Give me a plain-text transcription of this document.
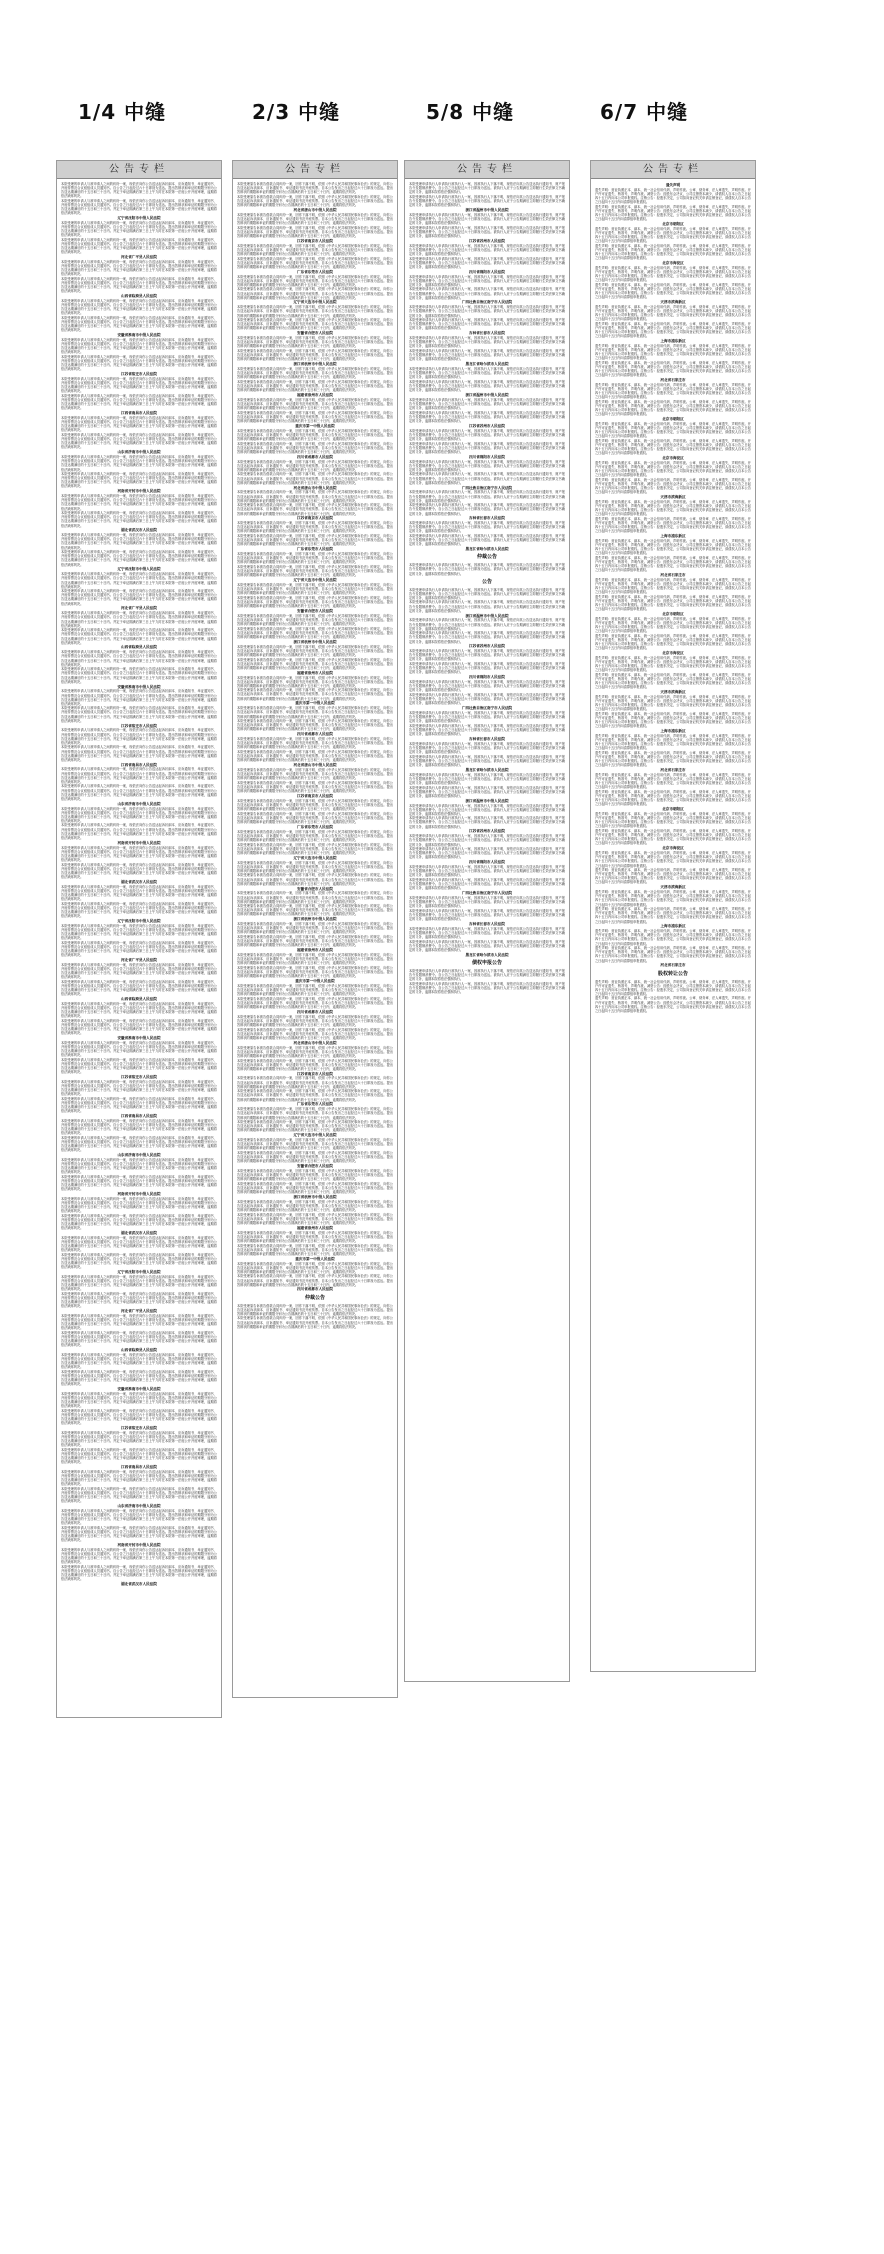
1/4 中缝	2/3 中缝	5/8 中缝	6/7 中缝
公告专栏

本院受理的申请人与被申请人之间的纠纷一案，现依法向你公告送达起诉状副本、应诉通知书、举证通知书、开庭传票及合议庭组成人员通知书。自公告之日起经过六十日即视为送达。提出答辩状和举证的期限分别为公告送达期满后的十五日和三十日内。并定于举证期满后第三日上午九时在本院第一法庭公开开庭审理，逾期将依法缺席判决。

本院受理的申请人与被申请人之间的纠纷一案，现依法向你公告送达起诉状副本、应诉通知书、举证通知书、开庭传票及合议庭组成人员通知书。自公告之日起经过六十日即视为送达。提出答辩状和举证的期限分别为公告送达期满后的十五日和三十日内。并定于举证期满后第三日上午九时在本院第一法庭公开开庭审理，逾期将依法缺席判决。

辽宁省沈阳市中级人民法院

本院受理的申请人与被申请人之间的纠纷一案，现依法向你公告送达起诉状副本、应诉通知书、举证通知书、开庭传票及合议庭组成人员通知书。自公告之日起经过六十日即视为送达。提出答辩状和举证的期限分别为公告送达期满后的十五日和三十日内。并定于举证期满后第三日上午九时在本院第一法庭公开开庭审理，逾期将依法缺席判决。

本院受理的申请人与被申请人之间的纠纷一案，现依法向你公告送达起诉状副本、应诉通知书、举证通知书、开庭传票及合议庭组成人员通知书。自公告之日起经过六十日即视为送达。提出答辩状和举证的期限分别为公告送达期满后的十五日和三十日内。并定于举证期满后第三日上午九时在本院第一法庭公开开庭审理，逾期将依法缺席判决。

河北省广平县人民法院

本院受理的申请人与被申请人之间的纠纷一案，现依法向你公告送达起诉状副本、应诉通知书、举证通知书、开庭传票及合议庭组成人员通知书。自公告之日起经过六十日即视为送达。提出答辩状和举证的期限分别为公告送达期满后的十五日和三十日内。并定于举证期满后第三日上午九时在本院第一法庭公开开庭审理，逾期将依法缺席判决。

本院受理的申请人与被申请人之间的纠纷一案，现依法向你公告送达起诉状副本、应诉通知书、举证通知书、开庭传票及合议庭组成人员通知书。自公告之日起经过六十日即视为送达。提出答辩状和举证的期限分别为公告送达期满后的十五日和三十日内。并定于举证期满后第三日上午九时在本院第一法庭公开开庭审理，逾期将依法缺席判决。

山西省临猗县人民法院

本院受理的申请人与被申请人之间的纠纷一案，现依法向你公告送达起诉状副本、应诉通知书、举证通知书、开庭传票及合议庭组成人员通知书。自公告之日起经过六十日即视为送达。提出答辩状和举证的期限分别为公告送达期满后的十五日和三十日内。并定于举证期满后第三日上午九时在本院第一法庭公开开庭审理，逾期将依法缺席判决。

本院受理的申请人与被申请人之间的纠纷一案，现依法向你公告送达起诉状副本、应诉通知书、举证通知书、开庭传票及合议庭组成人员通知书。自公告之日起经过六十日即视为送达。提出答辩状和举证的期限分别为公告送达期满后的十五日和三十日内。并定于举证期满后第三日上午九时在本院第一法庭公开开庭审理，逾期将依法缺席判决。

安徽省淮南市中级人民法院

本院受理的申请人与被申请人之间的纠纷一案，现依法向你公告送达起诉状副本、应诉通知书、举证通知书、开庭传票及合议庭组成人员通知书。自公告之日起经过六十日即视为送达。提出答辩状和举证的期限分别为公告送达期满后的十五日和三十日内。并定于举证期满后第三日上午九时在本院第一法庭公开开庭审理，逾期将依法缺席判决。

本院受理的申请人与被申请人之间的纠纷一案，现依法向你公告送达起诉状副本、应诉通知书、举证通知书、开庭传票及合议庭组成人员通知书。自公告之日起经过六十日即视为送达。提出答辩状和举证的期限分别为公告送达期满后的十五日和三十日内。并定于举证期满后第三日上午九时在本院第一法庭公开开庭审理，逾期将依法缺席判决。

江苏省宿迁市人民法院

本院受理的申请人与被申请人之间的纠纷一案，现依法向你公告送达起诉状副本、应诉通知书、举证通知书、开庭传票及合议庭组成人员通知书。自公告之日起经过六十日即视为送达。提出答辩状和举证的期限分别为公告送达期满后的十五日和三十日内。并定于举证期满后第三日上午九时在本院第一法庭公开开庭审理，逾期将依法缺席判决。

本院受理的申请人与被申请人之间的纠纷一案，现依法向你公告送达起诉状副本、应诉通知书、举证通知书、开庭传票及合议庭组成人员通知书。自公告之日起经过六十日即视为送达。提出答辩状和举证的期限分别为公告送达期满后的十五日和三十日内。并定于举证期满后第三日上午九时在本院第一法庭公开开庭审理，逾期将依法缺席判决。

江西省南昌市人民法院

本院受理的申请人与被申请人之间的纠纷一案，现依法向你公告送达起诉状副本、应诉通知书、举证通知书、开庭传票及合议庭组成人员通知书。自公告之日起经过六十日即视为送达。提出答辩状和举证的期限分别为公告送达期满后的十五日和三十日内。并定于举证期满后第三日上午九时在本院第一法庭公开开庭审理，逾期将依法缺席判决。

本院受理的申请人与被申请人之间的纠纷一案，现依法向你公告送达起诉状副本、应诉通知书、举证通知书、开庭传票及合议庭组成人员通知书。自公告之日起经过六十日即视为送达。提出答辩状和举证的期限分别为公告送达期满后的十五日和三十日内。并定于举证期满后第三日上午九时在本院第一法庭公开开庭审理，逾期将依法缺席判决。

山东省济南市中级人民法院

本院受理的申请人与被申请人之间的纠纷一案，现依法向你公告送达起诉状副本、应诉通知书、举证通知书、开庭传票及合议庭组成人员通知书。自公告之日起经过六十日即视为送达。提出答辩状和举证的期限分别为公告送达期满后的十五日和三十日内。并定于举证期满后第三日上午九时在本院第一法庭公开开庭审理，逾期将依法缺席判决。

本院受理的申请人与被申请人之间的纠纷一案，现依法向你公告送达起诉状副本、应诉通知书、举证通知书、开庭传票及合议庭组成人员通知书。自公告之日起经过六十日即视为送达。提出答辩状和举证的期限分别为公告送达期满后的十五日和三十日内。并定于举证期满后第三日上午九时在本院第一法庭公开开庭审理，逾期将依法缺席判决。

河南省开封市中级人民法院

本院受理的申请人与被申请人之间的纠纷一案，现依法向你公告送达起诉状副本、应诉通知书、举证通知书、开庭传票及合议庭组成人员通知书。自公告之日起经过六十日即视为送达。提出答辩状和举证的期限分别为公告送达期满后的十五日和三十日内。并定于举证期满后第三日上午九时在本院第一法庭公开开庭审理，逾期将依法缺席判决。

本院受理的申请人与被申请人之间的纠纷一案，现依法向你公告送达起诉状副本、应诉通知书、举证通知书、开庭传票及合议庭组成人员通知书。自公告之日起经过六十日即视为送达。提出答辩状和举证的期限分别为公告送达期满后的十五日和三十日内。并定于举证期满后第三日上午九时在本院第一法庭公开开庭审理，逾期将依法缺席判决。

湖北省武汉市人民法院

本院受理的申请人与被申请人之间的纠纷一案，现依法向你公告送达起诉状副本、应诉通知书、举证通知书、开庭传票及合议庭组成人员通知书。自公告之日起经过六十日即视为送达。提出答辩状和举证的期限分别为公告送达期满后的十五日和三十日内。并定于举证期满后第三日上午九时在本院第一法庭公开开庭审理，逾期将依法缺席判决。

本院受理的申请人与被申请人之间的纠纷一案，现依法向你公告送达起诉状副本、应诉通知书、举证通知书、开庭传票及合议庭组成人员通知书。自公告之日起经过六十日即视为送达。提出答辩状和举证的期限分别为公告送达期满后的十五日和三十日内。并定于举证期满后第三日上午九时在本院第一法庭公开开庭审理，逾期将依法缺席判决。

辽宁省沈阳市中级人民法院

本院受理的申请人与被申请人之间的纠纷一案，现依法向你公告送达起诉状副本、应诉通知书、举证通知书、开庭传票及合议庭组成人员通知书。自公告之日起经过六十日即视为送达。提出答辩状和举证的期限分别为公告送达期满后的十五日和三十日内。并定于举证期满后第三日上午九时在本院第一法庭公开开庭审理，逾期将依法缺席判决。

本院受理的申请人与被申请人之间的纠纷一案，现依法向你公告送达起诉状副本、应诉通知书、举证通知书、开庭传票及合议庭组成人员通知书。自公告之日起经过六十日即视为送达。提出答辩状和举证的期限分别为公告送达期满后的十五日和三十日内。并定于举证期满后第三日上午九时在本院第一法庭公开开庭审理，逾期将依法缺席判决。

河北省广平县人民法院

本院受理的申请人与被申请人之间的纠纷一案，现依法向你公告送达起诉状副本、应诉通知书、举证通知书、开庭传票及合议庭组成人员通知书。自公告之日起经过六十日即视为送达。提出答辩状和举证的期限分别为公告送达期满后的十五日和三十日内。并定于举证期满后第三日上午九时在本院第一法庭公开开庭审理，逾期将依法缺席判决。

本院受理的申请人与被申请人之间的纠纷一案，现依法向你公告送达起诉状副本、应诉通知书、举证通知书、开庭传票及合议庭组成人员通知书。自公告之日起经过六十日即视为送达。提出答辩状和举证的期限分别为公告送达期满后的十五日和三十日内。并定于举证期满后第三日上午九时在本院第一法庭公开开庭审理，逾期将依法缺席判决。

山西省临猗县人民法院

本院受理的申请人与被申请人之间的纠纷一案，现依法向你公告送达起诉状副本、应诉通知书、举证通知书、开庭传票及合议庭组成人员通知书。自公告之日起经过六十日即视为送达。提出答辩状和举证的期限分别为公告送达期满后的十五日和三十日内。并定于举证期满后第三日上午九时在本院第一法庭公开开庭审理，逾期将依法缺席判决。

本院受理的申请人与被申请人之间的纠纷一案，现依法向你公告送达起诉状副本、应诉通知书、举证通知书、开庭传票及合议庭组成人员通知书。自公告之日起经过六十日即视为送达。提出答辩状和举证的期限分别为公告送达期满后的十五日和三十日内。并定于举证期满后第三日上午九时在本院第一法庭公开开庭审理，逾期将依法缺席判决。

安徽省淮南市中级人民法院

本院受理的申请人与被申请人之间的纠纷一案，现依法向你公告送达起诉状副本、应诉通知书、举证通知书、开庭传票及合议庭组成人员通知书。自公告之日起经过六十日即视为送达。提出答辩状和举证的期限分别为公告送达期满后的十五日和三十日内。并定于举证期满后第三日上午九时在本院第一法庭公开开庭审理，逾期将依法缺席判决。

本院受理的申请人与被申请人之间的纠纷一案，现依法向你公告送达起诉状副本、应诉通知书、举证通知书、开庭传票及合议庭组成人员通知书。自公告之日起经过六十日即视为送达。提出答辩状和举证的期限分别为公告送达期满后的十五日和三十日内。并定于举证期满后第三日上午九时在本院第一法庭公开开庭审理，逾期将依法缺席判决。

江苏省宿迁市人民法院

本院受理的申请人与被申请人之间的纠纷一案，现依法向你公告送达起诉状副本、应诉通知书、举证通知书、开庭传票及合议庭组成人员通知书。自公告之日起经过六十日即视为送达。提出答辩状和举证的期限分别为公告送达期满后的十五日和三十日内。并定于举证期满后第三日上午九时在本院第一法庭公开开庭审理，逾期将依法缺席判决。

本院受理的申请人与被申请人之间的纠纷一案，现依法向你公告送达起诉状副本、应诉通知书、举证通知书、开庭传票及合议庭组成人员通知书。自公告之日起经过六十日即视为送达。提出答辩状和举证的期限分别为公告送达期满后的十五日和三十日内。并定于举证期满后第三日上午九时在本院第一法庭公开开庭审理，逾期将依法缺席判决。

江西省南昌市人民法院

本院受理的申请人与被申请人之间的纠纷一案，现依法向你公告送达起诉状副本、应诉通知书、举证通知书、开庭传票及合议庭组成人员通知书。自公告之日起经过六十日即视为送达。提出答辩状和举证的期限分别为公告送达期满后的十五日和三十日内。并定于举证期满后第三日上午九时在本院第一法庭公开开庭审理，逾期将依法缺席判决。

本院受理的申请人与被申请人之间的纠纷一案，现依法向你公告送达起诉状副本、应诉通知书、举证通知书、开庭传票及合议庭组成人员通知书。自公告之日起经过六十日即视为送达。提出答辩状和举证的期限分别为公告送达期满后的十五日和三十日内。并定于举证期满后第三日上午九时在本院第一法庭公开开庭审理，逾期将依法缺席判决。

山东省济南市中级人民法院

本院受理的申请人与被申请人之间的纠纷一案，现依法向你公告送达起诉状副本、应诉通知书、举证通知书、开庭传票及合议庭组成人员通知书。自公告之日起经过六十日即视为送达。提出答辩状和举证的期限分别为公告送达期满后的十五日和三十日内。并定于举证期满后第三日上午九时在本院第一法庭公开开庭审理，逾期将依法缺席判决。

本院受理的申请人与被申请人之间的纠纷一案，现依法向你公告送达起诉状副本、应诉通知书、举证通知书、开庭传票及合议庭组成人员通知书。自公告之日起经过六十日即视为送达。提出答辩状和举证的期限分别为公告送达期满后的十五日和三十日内。并定于举证期满后第三日上午九时在本院第一法庭公开开庭审理，逾期将依法缺席判决。

河南省开封市中级人民法院

本院受理的申请人与被申请人之间的纠纷一案，现依法向你公告送达起诉状副本、应诉通知书、举证通知书、开庭传票及合议庭组成人员通知书。自公告之日起经过六十日即视为送达。提出答辩状和举证的期限分别为公告送达期满后的十五日和三十日内。并定于举证期满后第三日上午九时在本院第一法庭公开开庭审理，逾期将依法缺席判决。

本院受理的申请人与被申请人之间的纠纷一案，现依法向你公告送达起诉状副本、应诉通知书、举证通知书、开庭传票及合议庭组成人员通知书。自公告之日起经过六十日即视为送达。提出答辩状和举证的期限分别为公告送达期满后的十五日和三十日内。并定于举证期满后第三日上午九时在本院第一法庭公开开庭审理，逾期将依法缺席判决。

湖北省武汉市人民法院

本院受理的申请人与被申请人之间的纠纷一案，现依法向你公告送达起诉状副本、应诉通知书、举证通知书、开庭传票及合议庭组成人员通知书。自公告之日起经过六十日即视为送达。提出答辩状和举证的期限分别为公告送达期满后的十五日和三十日内。并定于举证期满后第三日上午九时在本院第一法庭公开开庭审理，逾期将依法缺席判决。

本院受理的申请人与被申请人之间的纠纷一案，现依法向你公告送达起诉状副本、应诉通知书、举证通知书、开庭传票及合议庭组成人员通知书。自公告之日起经过六十日即视为送达。提出答辩状和举证的期限分别为公告送达期满后的十五日和三十日内。并定于举证期满后第三日上午九时在本院第一法庭公开开庭审理，逾期将依法缺席判决。

辽宁省沈阳市中级人民法院

本院受理的申请人与被申请人之间的纠纷一案，现依法向你公告送达起诉状副本、应诉通知书、举证通知书、开庭传票及合议庭组成人员通知书。自公告之日起经过六十日即视为送达。提出答辩状和举证的期限分别为公告送达期满后的十五日和三十日内。并定于举证期满后第三日上午九时在本院第一法庭公开开庭审理，逾期将依法缺席判决。

本院受理的申请人与被申请人之间的纠纷一案，现依法向你公告送达起诉状副本、应诉通知书、举证通知书、开庭传票及合议庭组成人员通知书。自公告之日起经过六十日即视为送达。提出答辩状和举证的期限分别为公告送达期满后的十五日和三十日内。并定于举证期满后第三日上午九时在本院第一法庭公开开庭审理，逾期将依法缺席判决。

河北省广平县人民法院

本院受理的申请人与被申请人之间的纠纷一案，现依法向你公告送达起诉状副本、应诉通知书、举证通知书、开庭传票及合议庭组成人员通知书。自公告之日起经过六十日即视为送达。提出答辩状和举证的期限分别为公告送达期满后的十五日和三十日内。并定于举证期满后第三日上午九时在本院第一法庭公开开庭审理，逾期将依法缺席判决。

本院受理的申请人与被申请人之间的纠纷一案，现依法向你公告送达起诉状副本、应诉通知书、举证通知书、开庭传票及合议庭组成人员通知书。自公告之日起经过六十日即视为送达。提出答辩状和举证的期限分别为公告送达期满后的十五日和三十日内。并定于举证期满后第三日上午九时在本院第一法庭公开开庭审理，逾期将依法缺席判决。

山西省临猗县人民法院

本院受理的申请人与被申请人之间的纠纷一案，现依法向你公告送达起诉状副本、应诉通知书、举证通知书、开庭传票及合议庭组成人员通知书。自公告之日起经过六十日即视为送达。提出答辩状和举证的期限分别为公告送达期满后的十五日和三十日内。并定于举证期满后第三日上午九时在本院第一法庭公开开庭审理，逾期将依法缺席判决。

本院受理的申请人与被申请人之间的纠纷一案，现依法向你公告送达起诉状副本、应诉通知书、举证通知书、开庭传票及合议庭组成人员通知书。自公告之日起经过六十日即视为送达。提出答辩状和举证的期限分别为公告送达期满后的十五日和三十日内。并定于举证期满后第三日上午九时在本院第一法庭公开开庭审理，逾期将依法缺席判决。

安徽省淮南市中级人民法院

本院受理的申请人与被申请人之间的纠纷一案，现依法向你公告送达起诉状副本、应诉通知书、举证通知书、开庭传票及合议庭组成人员通知书。自公告之日起经过六十日即视为送达。提出答辩状和举证的期限分别为公告送达期满后的十五日和三十日内。并定于举证期满后第三日上午九时在本院第一法庭公开开庭审理，逾期将依法缺席判决。

本院受理的申请人与被申请人之间的纠纷一案，现依法向你公告送达起诉状副本、应诉通知书、举证通知书、开庭传票及合议庭组成人员通知书。自公告之日起经过六十日即视为送达。提出答辩状和举证的期限分别为公告送达期满后的十五日和三十日内。并定于举证期满后第三日上午九时在本院第一法庭公开开庭审理，逾期将依法缺席判决。

江苏省宿迁市人民法院

本院受理的申请人与被申请人之间的纠纷一案，现依法向你公告送达起诉状副本、应诉通知书、举证通知书、开庭传票及合议庭组成人员通知书。自公告之日起经过六十日即视为送达。提出答辩状和举证的期限分别为公告送达期满后的十五日和三十日内。并定于举证期满后第三日上午九时在本院第一法庭公开开庭审理，逾期将依法缺席判决。

本院受理的申请人与被申请人之间的纠纷一案，现依法向你公告送达起诉状副本、应诉通知书、举证通知书、开庭传票及合议庭组成人员通知书。自公告之日起经过六十日即视为送达。提出答辩状和举证的期限分别为公告送达期满后的十五日和三十日内。并定于举证期满后第三日上午九时在本院第一法庭公开开庭审理，逾期将依法缺席判决。

江西省南昌市人民法院

本院受理的申请人与被申请人之间的纠纷一案，现依法向你公告送达起诉状副本、应诉通知书、举证通知书、开庭传票及合议庭组成人员通知书。自公告之日起经过六十日即视为送达。提出答辩状和举证的期限分别为公告送达期满后的十五日和三十日内。并定于举证期满后第三日上午九时在本院第一法庭公开开庭审理，逾期将依法缺席判决。

本院受理的申请人与被申请人之间的纠纷一案，现依法向你公告送达起诉状副本、应诉通知书、举证通知书、开庭传票及合议庭组成人员通知书。自公告之日起经过六十日即视为送达。提出答辩状和举证的期限分别为公告送达期满后的十五日和三十日内。并定于举证期满后第三日上午九时在本院第一法庭公开开庭审理，逾期将依法缺席判决。

山东省济南市中级人民法院

本院受理的申请人与被申请人之间的纠纷一案，现依法向你公告送达起诉状副本、应诉通知书、举证通知书、开庭传票及合议庭组成人员通知书。自公告之日起经过六十日即视为送达。提出答辩状和举证的期限分别为公告送达期满后的十五日和三十日内。并定于举证期满后第三日上午九时在本院第一法庭公开开庭审理，逾期将依法缺席判决。

本院受理的申请人与被申请人之间的纠纷一案，现依法向你公告送达起诉状副本、应诉通知书、举证通知书、开庭传票及合议庭组成人员通知书。自公告之日起经过六十日即视为送达。提出答辩状和举证的期限分别为公告送达期满后的十五日和三十日内。并定于举证期满后第三日上午九时在本院第一法庭公开开庭审理，逾期将依法缺席判决。

河南省开封市中级人民法院

本院受理的申请人与被申请人之间的纠纷一案，现依法向你公告送达起诉状副本、应诉通知书、举证通知书、开庭传票及合议庭组成人员通知书。自公告之日起经过六十日即视为送达。提出答辩状和举证的期限分别为公告送达期满后的十五日和三十日内。并定于举证期满后第三日上午九时在本院第一法庭公开开庭审理，逾期将依法缺席判决。

本院受理的申请人与被申请人之间的纠纷一案，现依法向你公告送达起诉状副本、应诉通知书、举证通知书、开庭传票及合议庭组成人员通知书。自公告之日起经过六十日即视为送达。提出答辩状和举证的期限分别为公告送达期满后的十五日和三十日内。并定于举证期满后第三日上午九时在本院第一法庭公开开庭审理，逾期将依法缺席判决。

湖北省武汉市人民法院

本院受理的申请人与被申请人之间的纠纷一案，现依法向你公告送达起诉状副本、应诉通知书、举证通知书、开庭传票及合议庭组成人员通知书。自公告之日起经过六十日即视为送达。提出答辩状和举证的期限分别为公告送达期满后的十五日和三十日内。并定于举证期满后第三日上午九时在本院第一法庭公开开庭审理，逾期将依法缺席判决。

本院受理的申请人与被申请人之间的纠纷一案，现依法向你公告送达起诉状副本、应诉通知书、举证通知书、开庭传票及合议庭组成人员通知书。自公告之日起经过六十日即视为送达。提出答辩状和举证的期限分别为公告送达期满后的十五日和三十日内。并定于举证期满后第三日上午九时在本院第一法庭公开开庭审理，逾期将依法缺席判决。

辽宁省沈阳市中级人民法院

本院受理的申请人与被申请人之间的纠纷一案，现依法向你公告送达起诉状副本、应诉通知书、举证通知书、开庭传票及合议庭组成人员通知书。自公告之日起经过六十日即视为送达。提出答辩状和举证的期限分别为公告送达期满后的十五日和三十日内。并定于举证期满后第三日上午九时在本院第一法庭公开开庭审理，逾期将依法缺席判决。

本院受理的申请人与被申请人之间的纠纷一案，现依法向你公告送达起诉状副本、应诉通知书、举证通知书、开庭传票及合议庭组成人员通知书。自公告之日起经过六十日即视为送达。提出答辩状和举证的期限分别为公告送达期满后的十五日和三十日内。并定于举证期满后第三日上午九时在本院第一法庭公开开庭审理，逾期将依法缺席判决。

河北省广平县人民法院

本院受理的申请人与被申请人之间的纠纷一案，现依法向你公告送达起诉状副本、应诉通知书、举证通知书、开庭传票及合议庭组成人员通知书。自公告之日起经过六十日即视为送达。提出答辩状和举证的期限分别为公告送达期满后的十五日和三十日内。并定于举证期满后第三日上午九时在本院第一法庭公开开庭审理，逾期将依法缺席判决。

本院受理的申请人与被申请人之间的纠纷一案，现依法向你公告送达起诉状副本、应诉通知书、举证通知书、开庭传票及合议庭组成人员通知书。自公告之日起经过六十日即视为送达。提出答辩状和举证的期限分别为公告送达期满后的十五日和三十日内。并定于举证期满后第三日上午九时在本院第一法庭公开开庭审理，逾期将依法缺席判决。

山西省临猗县人民法院

本院受理的申请人与被申请人之间的纠纷一案，现依法向你公告送达起诉状副本、应诉通知书、举证通知书、开庭传票及合议庭组成人员通知书。自公告之日起经过六十日即视为送达。提出答辩状和举证的期限分别为公告送达期满后的十五日和三十日内。并定于举证期满后第三日上午九时在本院第一法庭公开开庭审理，逾期将依法缺席判决。

本院受理的申请人与被申请人之间的纠纷一案，现依法向你公告送达起诉状副本、应诉通知书、举证通知书、开庭传票及合议庭组成人员通知书。自公告之日起经过六十日即视为送达。提出答辩状和举证的期限分别为公告送达期满后的十五日和三十日内。并定于举证期满后第三日上午九时在本院第一法庭公开开庭审理，逾期将依法缺席判决。

安徽省淮南市中级人民法院

本院受理的申请人与被申请人之间的纠纷一案，现依法向你公告送达起诉状副本、应诉通知书、举证通知书、开庭传票及合议庭组成人员通知书。自公告之日起经过六十日即视为送达。提出答辩状和举证的期限分别为公告送达期满后的十五日和三十日内。并定于举证期满后第三日上午九时在本院第一法庭公开开庭审理，逾期将依法缺席判决。

本院受理的申请人与被申请人之间的纠纷一案，现依法向你公告送达起诉状副本、应诉通知书、举证通知书、开庭传票及合议庭组成人员通知书。自公告之日起经过六十日即视为送达。提出答辩状和举证的期限分别为公告送达期满后的十五日和三十日内。并定于举证期满后第三日上午九时在本院第一法庭公开开庭审理，逾期将依法缺席判决。

江苏省宿迁市人民法院

本院受理的申请人与被申请人之间的纠纷一案，现依法向你公告送达起诉状副本、应诉通知书、举证通知书、开庭传票及合议庭组成人员通知书。自公告之日起经过六十日即视为送达。提出答辩状和举证的期限分别为公告送达期满后的十五日和三十日内。并定于举证期满后第三日上午九时在本院第一法庭公开开庭审理，逾期将依法缺席判决。

本院受理的申请人与被申请人之间的纠纷一案，现依法向你公告送达起诉状副本、应诉通知书、举证通知书、开庭传票及合议庭组成人员通知书。自公告之日起经过六十日即视为送达。提出答辩状和举证的期限分别为公告送达期满后的十五日和三十日内。并定于举证期满后第三日上午九时在本院第一法庭公开开庭审理，逾期将依法缺席判决。

江西省南昌市人民法院

本院受理的申请人与被申请人之间的纠纷一案，现依法向你公告送达起诉状副本、应诉通知书、举证通知书、开庭传票及合议庭组成人员通知书。自公告之日起经过六十日即视为送达。提出答辩状和举证的期限分别为公告送达期满后的十五日和三十日内。并定于举证期满后第三日上午九时在本院第一法庭公开开庭审理，逾期将依法缺席判决。

本院受理的申请人与被申请人之间的纠纷一案，现依法向你公告送达起诉状副本、应诉通知书、举证通知书、开庭传票及合议庭组成人员通知书。自公告之日起经过六十日即视为送达。提出答辩状和举证的期限分别为公告送达期满后的十五日和三十日内。并定于举证期满后第三日上午九时在本院第一法庭公开开庭审理，逾期将依法缺席判决。

山东省济南市中级人民法院

本院受理的申请人与被申请人之间的纠纷一案，现依法向你公告送达起诉状副本、应诉通知书、举证通知书、开庭传票及合议庭组成人员通知书。自公告之日起经过六十日即视为送达。提出答辩状和举证的期限分别为公告送达期满后的十五日和三十日内。并定于举证期满后第三日上午九时在本院第一法庭公开开庭审理，逾期将依法缺席判决。

本院受理的申请人与被申请人之间的纠纷一案，现依法向你公告送达起诉状副本、应诉通知书、举证通知书、开庭传票及合议庭组成人员通知书。自公告之日起经过六十日即视为送达。提出答辩状和举证的期限分别为公告送达期满后的十五日和三十日内。并定于举证期满后第三日上午九时在本院第一法庭公开开庭审理，逾期将依法缺席判决。

河南省开封市中级人民法院

本院受理的申请人与被申请人之间的纠纷一案，现依法向你公告送达起诉状副本、应诉通知书、举证通知书、开庭传票及合议庭组成人员通知书。自公告之日起经过六十日即视为送达。提出答辩状和举证的期限分别为公告送达期满后的十五日和三十日内。并定于举证期满后第三日上午九时在本院第一法庭公开开庭审理，逾期将依法缺席判决。

本院受理的申请人与被申请人之间的纠纷一案，现依法向你公告送达起诉状副本、应诉通知书、举证通知书、开庭传票及合议庭组成人员通知书。自公告之日起经过六十日即视为送达。提出答辩状和举证的期限分别为公告送达期满后的十五日和三十日内。并定于举证期满后第三日上午九时在本院第一法庭公开开庭审理，逾期将依法缺席判决。

湖北省武汉市人民法院
公告专栏

本院受理原告诉被告借款合同纠纷一案，因你下落不明，依照《中华人民共和国民事诉讼法》的规定，向你公告送达起诉状副本、应诉通知书、举证通知书及开庭传票。自本公告发出之日起经过六十日即视为送达。提出答辩状的期限和举证的期限分别为公告期满后的十五日和三十日内，逾期将依法判决。

本院受理原告诉被告借款合同纠纷一案，因你下落不明，依照《中华人民共和国民事诉讼法》的规定，向你公告送达起诉状副本、应诉通知书、举证通知书及开庭传票。自本公告发出之日起经过六十日即视为送达。提出答辩状的期限和举证的期限分别为公告期满后的十五日和三十日内，逾期将依法判决。

河北省唐山市中级人民法院

本院受理原告诉被告借款合同纠纷一案，因你下落不明，依照《中华人民共和国民事诉讼法》的规定，向你公告送达起诉状副本、应诉通知书、举证通知书及开庭传票。自本公告发出之日起经过六十日即视为送达。提出答辩状的期限和举证的期限分别为公告期满后的十五日和三十日内，逾期将依法判决。

本院受理原告诉被告借款合同纠纷一案，因你下落不明，依照《中华人民共和国民事诉讼法》的规定，向你公告送达起诉状副本、应诉通知书、举证通知书及开庭传票。自本公告发出之日起经过六十日即视为送达。提出答辩状的期限和举证的期限分别为公告期满后的十五日和三十日内，逾期将依法判决。

江苏省南京市人民法院

本院受理原告诉被告借款合同纠纷一案，因你下落不明，依照《中华人民共和国民事诉讼法》的规定，向你公告送达起诉状副本、应诉通知书、举证通知书及开庭传票。自本公告发出之日起经过六十日即视为送达。提出答辩状的期限和举证的期限分别为公告期满后的十五日和三十日内，逾期将依法判决。

本院受理原告诉被告借款合同纠纷一案，因你下落不明，依照《中华人民共和国民事诉讼法》的规定，向你公告送达起诉状副本、应诉通知书、举证通知书及开庭传票。自本公告发出之日起经过六十日即视为送达。提出答辩状的期限和举证的期限分别为公告期满后的十五日和三十日内，逾期将依法判决。

广东省东莞市人民法院

本院受理原告诉被告借款合同纠纷一案，因你下落不明，依照《中华人民共和国民事诉讼法》的规定，向你公告送达起诉状副本、应诉通知书、举证通知书及开庭传票。自本公告发出之日起经过六十日即视为送达。提出答辩状的期限和举证的期限分别为公告期满后的十五日和三十日内，逾期将依法判决。

本院受理原告诉被告借款合同纠纷一案，因你下落不明，依照《中华人民共和国民事诉讼法》的规定，向你公告送达起诉状副本、应诉通知书、举证通知书及开庭传票。自本公告发出之日起经过六十日即视为送达。提出答辩状的期限和举证的期限分别为公告期满后的十五日和三十日内，逾期将依法判决。

辽宁省大连市中级人民法院

本院受理原告诉被告借款合同纠纷一案，因你下落不明，依照《中华人民共和国民事诉讼法》的规定，向你公告送达起诉状副本、应诉通知书、举证通知书及开庭传票。自本公告发出之日起经过六十日即视为送达。提出答辩状的期限和举证的期限分别为公告期满后的十五日和三十日内，逾期将依法判决。

本院受理原告诉被告借款合同纠纷一案，因你下落不明，依照《中华人民共和国民事诉讼法》的规定，向你公告送达起诉状副本、应诉通知书、举证通知书及开庭传票。自本公告发出之日起经过六十日即视为送达。提出答辩状的期限和举证的期限分别为公告期满后的十五日和三十日内，逾期将依法判决。

安徽省合肥市人民法院

本院受理原告诉被告借款合同纠纷一案，因你下落不明，依照《中华人民共和国民事诉讼法》的规定，向你公告送达起诉状副本、应诉通知书、举证通知书及开庭传票。自本公告发出之日起经过六十日即视为送达。提出答辩状的期限和举证的期限分别为公告期满后的十五日和三十日内，逾期将依法判决。

本院受理原告诉被告借款合同纠纷一案，因你下落不明，依照《中华人民共和国民事诉讼法》的规定，向你公告送达起诉状副本、应诉通知书、举证通知书及开庭传票。自本公告发出之日起经过六十日即视为送达。提出答辩状的期限和举证的期限分别为公告期满后的十五日和三十日内，逾期将依法判决。

浙江省杭州市中级人民法院

本院受理原告诉被告借款合同纠纷一案，因你下落不明，依照《中华人民共和国民事诉讼法》的规定，向你公告送达起诉状副本、应诉通知书、举证通知书及开庭传票。自本公告发出之日起经过六十日即视为送达。提出答辩状的期限和举证的期限分别为公告期满后的十五日和三十日内，逾期将依法判决。

本院受理原告诉被告借款合同纠纷一案，因你下落不明，依照《中华人民共和国民事诉讼法》的规定，向你公告送达起诉状副本、应诉通知书、举证通知书及开庭传票。自本公告发出之日起经过六十日即视为送达。提出答辩状的期限和举证的期限分别为公告期满后的十五日和三十日内，逾期将依法判决。

福建省泉州市人民法院

本院受理原告诉被告借款合同纠纷一案，因你下落不明，依照《中华人民共和国民事诉讼法》的规定，向你公告送达起诉状副本、应诉通知书、举证通知书及开庭传票。自本公告发出之日起经过六十日即视为送达。提出答辩状的期限和举证的期限分别为公告期满后的十五日和三十日内，逾期将依法判决。

本院受理原告诉被告借款合同纠纷一案，因你下落不明，依照《中华人民共和国民事诉讼法》的规定，向你公告送达起诉状副本、应诉通知书、举证通知书及开庭传票。自本公告发出之日起经过六十日即视为送达。提出答辩状的期限和举证的期限分别为公告期满后的十五日和三十日内，逾期将依法判决。

重庆市第一中级人民法院

本院受理原告诉被告借款合同纠纷一案，因你下落不明，依照《中华人民共和国民事诉讼法》的规定，向你公告送达起诉状副本、应诉通知书、举证通知书及开庭传票。自本公告发出之日起经过六十日即视为送达。提出答辩状的期限和举证的期限分别为公告期满后的十五日和三十日内，逾期将依法判决。

本院受理原告诉被告借款合同纠纷一案，因你下落不明，依照《中华人民共和国民事诉讼法》的规定，向你公告送达起诉状副本、应诉通知书、举证通知书及开庭传票。自本公告发出之日起经过六十日即视为送达。提出答辩状的期限和举证的期限分别为公告期满后的十五日和三十日内，逾期将依法判决。

四川省成都市人民法院

本院受理原告诉被告借款合同纠纷一案，因你下落不明，依照《中华人民共和国民事诉讼法》的规定，向你公告送达起诉状副本、应诉通知书、举证通知书及开庭传票。自本公告发出之日起经过六十日即视为送达。提出答辩状的期限和举证的期限分别为公告期满后的十五日和三十日内，逾期将依法判决。

本院受理原告诉被告借款合同纠纷一案，因你下落不明，依照《中华人民共和国民事诉讼法》的规定，向你公告送达起诉状副本、应诉通知书、举证通知书及开庭传票。自本公告发出之日起经过六十日即视为送达。提出答辩状的期限和举证的期限分别为公告期满后的十五日和三十日内，逾期将依法判决。

河北省唐山市中级人民法院

本院受理原告诉被告借款合同纠纷一案，因你下落不明，依照《中华人民共和国民事诉讼法》的规定，向你公告送达起诉状副本、应诉通知书、举证通知书及开庭传票。自本公告发出之日起经过六十日即视为送达。提出答辩状的期限和举证的期限分别为公告期满后的十五日和三十日内，逾期将依法判决。

本院受理原告诉被告借款合同纠纷一案，因你下落不明，依照《中华人民共和国民事诉讼法》的规定，向你公告送达起诉状副本、应诉通知书、举证通知书及开庭传票。自本公告发出之日起经过六十日即视为送达。提出答辩状的期限和举证的期限分别为公告期满后的十五日和三十日内，逾期将依法判决。

江苏省南京市人民法院

本院受理原告诉被告借款合同纠纷一案，因你下落不明，依照《中华人民共和国民事诉讼法》的规定，向你公告送达起诉状副本、应诉通知书、举证通知书及开庭传票。自本公告发出之日起经过六十日即视为送达。提出答辩状的期限和举证的期限分别为公告期满后的十五日和三十日内，逾期将依法判决。

本院受理原告诉被告借款合同纠纷一案，因你下落不明，依照《中华人民共和国民事诉讼法》的规定，向你公告送达起诉状副本、应诉通知书、举证通知书及开庭传票。自本公告发出之日起经过六十日即视为送达。提出答辩状的期限和举证的期限分别为公告期满后的十五日和三十日内，逾期将依法判决。

广东省东莞市人民法院

本院受理原告诉被告借款合同纠纷一案，因你下落不明，依照《中华人民共和国民事诉讼法》的规定，向你公告送达起诉状副本、应诉通知书、举证通知书及开庭传票。自本公告发出之日起经过六十日即视为送达。提出答辩状的期限和举证的期限分别为公告期满后的十五日和三十日内，逾期将依法判决。

本院受理原告诉被告借款合同纠纷一案，因你下落不明，依照《中华人民共和国民事诉讼法》的规定，向你公告送达起诉状副本、应诉通知书、举证通知书及开庭传票。自本公告发出之日起经过六十日即视为送达。提出答辩状的期限和举证的期限分别为公告期满后的十五日和三十日内，逾期将依法判决。

辽宁省大连市中级人民法院

本院受理原告诉被告借款合同纠纷一案，因你下落不明，依照《中华人民共和国民事诉讼法》的规定，向你公告送达起诉状副本、应诉通知书、举证通知书及开庭传票。自本公告发出之日起经过六十日即视为送达。提出答辩状的期限和举证的期限分别为公告期满后的十五日和三十日内，逾期将依法判决。

本院受理原告诉被告借款合同纠纷一案，因你下落不明，依照《中华人民共和国民事诉讼法》的规定，向你公告送达起诉状副本、应诉通知书、举证通知书及开庭传票。自本公告发出之日起经过六十日即视为送达。提出答辩状的期限和举证的期限分别为公告期满后的十五日和三十日内，逾期将依法判决。

安徽省合肥市人民法院

本院受理原告诉被告借款合同纠纷一案，因你下落不明，依照《中华人民共和国民事诉讼法》的规定，向你公告送达起诉状副本、应诉通知书、举证通知书及开庭传票。自本公告发出之日起经过六十日即视为送达。提出答辩状的期限和举证的期限分别为公告期满后的十五日和三十日内，逾期将依法判决。

本院受理原告诉被告借款合同纠纷一案，因你下落不明，依照《中华人民共和国民事诉讼法》的规定，向你公告送达起诉状副本、应诉通知书、举证通知书及开庭传票。自本公告发出之日起经过六十日即视为送达。提出答辩状的期限和举证的期限分别为公告期满后的十五日和三十日内，逾期将依法判决。

浙江省杭州市中级人民法院

本院受理原告诉被告借款合同纠纷一案，因你下落不明，依照《中华人民共和国民事诉讼法》的规定，向你公告送达起诉状副本、应诉通知书、举证通知书及开庭传票。自本公告发出之日起经过六十日即视为送达。提出答辩状的期限和举证的期限分别为公告期满后的十五日和三十日内，逾期将依法判决。

本院受理原告诉被告借款合同纠纷一案，因你下落不明，依照《中华人民共和国民事诉讼法》的规定，向你公告送达起诉状副本、应诉通知书、举证通知书及开庭传票。自本公告发出之日起经过六十日即视为送达。提出答辩状的期限和举证的期限分别为公告期满后的十五日和三十日内，逾期将依法判决。

福建省泉州市人民法院

本院受理原告诉被告借款合同纠纷一案，因你下落不明，依照《中华人民共和国民事诉讼法》的规定，向你公告送达起诉状副本、应诉通知书、举证通知书及开庭传票。自本公告发出之日起经过六十日即视为送达。提出答辩状的期限和举证的期限分别为公告期满后的十五日和三十日内，逾期将依法判决。

本院受理原告诉被告借款合同纠纷一案，因你下落不明，依照《中华人民共和国民事诉讼法》的规定，向你公告送达起诉状副本、应诉通知书、举证通知书及开庭传票。自本公告发出之日起经过六十日即视为送达。提出答辩状的期限和举证的期限分别为公告期满后的十五日和三十日内，逾期将依法判决。

重庆市第一中级人民法院

本院受理原告诉被告借款合同纠纷一案，因你下落不明，依照《中华人民共和国民事诉讼法》的规定，向你公告送达起诉状副本、应诉通知书、举证通知书及开庭传票。自本公告发出之日起经过六十日即视为送达。提出答辩状的期限和举证的期限分别为公告期满后的十五日和三十日内，逾期将依法判决。

本院受理原告诉被告借款合同纠纷一案，因你下落不明，依照《中华人民共和国民事诉讼法》的规定，向你公告送达起诉状副本、应诉通知书、举证通知书及开庭传票。自本公告发出之日起经过六十日即视为送达。提出答辩状的期限和举证的期限分别为公告期满后的十五日和三十日内，逾期将依法判决。

四川省成都市人民法院

本院受理原告诉被告借款合同纠纷一案，因你下落不明，依照《中华人民共和国民事诉讼法》的规定，向你公告送达起诉状副本、应诉通知书、举证通知书及开庭传票。自本公告发出之日起经过六十日即视为送达。提出答辩状的期限和举证的期限分别为公告期满后的十五日和三十日内，逾期将依法判决。

本院受理原告诉被告借款合同纠纷一案，因你下落不明，依照《中华人民共和国民事诉讼法》的规定，向你公告送达起诉状副本、应诉通知书、举证通知书及开庭传票。自本公告发出之日起经过六十日即视为送达。提出答辩状的期限和举证的期限分别为公告期满后的十五日和三十日内，逾期将依法判决。

河北省唐山市中级人民法院

本院受理原告诉被告借款合同纠纷一案，因你下落不明，依照《中华人民共和国民事诉讼法》的规定，向你公告送达起诉状副本、应诉通知书、举证通知书及开庭传票。自本公告发出之日起经过六十日即视为送达。提出答辩状的期限和举证的期限分别为公告期满后的十五日和三十日内，逾期将依法判决。

本院受理原告诉被告借款合同纠纷一案，因你下落不明，依照《中华人民共和国民事诉讼法》的规定，向你公告送达起诉状副本、应诉通知书、举证通知书及开庭传票。自本公告发出之日起经过六十日即视为送达。提出答辩状的期限和举证的期限分别为公告期满后的十五日和三十日内，逾期将依法判决。

江苏省南京市人民法院

本院受理原告诉被告借款合同纠纷一案，因你下落不明，依照《中华人民共和国民事诉讼法》的规定，向你公告送达起诉状副本、应诉通知书、举证通知书及开庭传票。自本公告发出之日起经过六十日即视为送达。提出答辩状的期限和举证的期限分别为公告期满后的十五日和三十日内，逾期将依法判决。

本院受理原告诉被告借款合同纠纷一案，因你下落不明，依照《中华人民共和国民事诉讼法》的规定，向你公告送达起诉状副本、应诉通知书、举证通知书及开庭传票。自本公告发出之日起经过六十日即视为送达。提出答辩状的期限和举证的期限分别为公告期满后的十五日和三十日内，逾期将依法判决。

广东省东莞市人民法院

本院受理原告诉被告借款合同纠纷一案，因你下落不明，依照《中华人民共和国民事诉讼法》的规定，向你公告送达起诉状副本、应诉通知书、举证通知书及开庭传票。自本公告发出之日起经过六十日即视为送达。提出答辩状的期限和举证的期限分别为公告期满后的十五日和三十日内，逾期将依法判决。

本院受理原告诉被告借款合同纠纷一案，因你下落不明，依照《中华人民共和国民事诉讼法》的规定，向你公告送达起诉状副本、应诉通知书、举证通知书及开庭传票。自本公告发出之日起经过六十日即视为送达。提出答辩状的期限和举证的期限分别为公告期满后的十五日和三十日内，逾期将依法判决。

辽宁省大连市中级人民法院

本院受理原告诉被告借款合同纠纷一案，因你下落不明，依照《中华人民共和国民事诉讼法》的规定，向你公告送达起诉状副本、应诉通知书、举证通知书及开庭传票。自本公告发出之日起经过六十日即视为送达。提出答辩状的期限和举证的期限分别为公告期满后的十五日和三十日内，逾期将依法判决。

本院受理原告诉被告借款合同纠纷一案，因你下落不明，依照《中华人民共和国民事诉讼法》的规定，向你公告送达起诉状副本、应诉通知书、举证通知书及开庭传票。自本公告发出之日起经过六十日即视为送达。提出答辩状的期限和举证的期限分别为公告期满后的十五日和三十日内，逾期将依法判决。

安徽省合肥市人民法院

本院受理原告诉被告借款合同纠纷一案，因你下落不明，依照《中华人民共和国民事诉讼法》的规定，向你公告送达起诉状副本、应诉通知书、举证通知书及开庭传票。自本公告发出之日起经过六十日即视为送达。提出答辩状的期限和举证的期限分别为公告期满后的十五日和三十日内，逾期将依法判决。

本院受理原告诉被告借款合同纠纷一案，因你下落不明，依照《中华人民共和国民事诉讼法》的规定，向你公告送达起诉状副本、应诉通知书、举证通知书及开庭传票。自本公告发出之日起经过六十日即视为送达。提出答辩状的期限和举证的期限分别为公告期满后的十五日和三十日内，逾期将依法判决。

浙江省杭州市中级人民法院

本院受理原告诉被告借款合同纠纷一案，因你下落不明，依照《中华人民共和国民事诉讼法》的规定，向你公告送达起诉状副本、应诉通知书、举证通知书及开庭传票。自本公告发出之日起经过六十日即视为送达。提出答辩状的期限和举证的期限分别为公告期满后的十五日和三十日内，逾期将依法判决。

本院受理原告诉被告借款合同纠纷一案，因你下落不明，依照《中华人民共和国民事诉讼法》的规定，向你公告送达起诉状副本、应诉通知书、举证通知书及开庭传票。自本公告发出之日起经过六十日即视为送达。提出答辩状的期限和举证的期限分别为公告期满后的十五日和三十日内，逾期将依法判决。

福建省泉州市人民法院

本院受理原告诉被告借款合同纠纷一案，因你下落不明，依照《中华人民共和国民事诉讼法》的规定，向你公告送达起诉状副本、应诉通知书、举证通知书及开庭传票。自本公告发出之日起经过六十日即视为送达。提出答辩状的期限和举证的期限分别为公告期满后的十五日和三十日内，逾期将依法判决。

本院受理原告诉被告借款合同纠纷一案，因你下落不明，依照《中华人民共和国民事诉讼法》的规定，向你公告送达起诉状副本、应诉通知书、举证通知书及开庭传票。自本公告发出之日起经过六十日即视为送达。提出答辩状的期限和举证的期限分别为公告期满后的十五日和三十日内，逾期将依法判决。

重庆市第一中级人民法院

本院受理原告诉被告借款合同纠纷一案，因你下落不明，依照《中华人民共和国民事诉讼法》的规定，向你公告送达起诉状副本、应诉通知书、举证通知书及开庭传票。自本公告发出之日起经过六十日即视为送达。提出答辩状的期限和举证的期限分别为公告期满后的十五日和三十日内，逾期将依法判决。

本院受理原告诉被告借款合同纠纷一案，因你下落不明，依照《中华人民共和国民事诉讼法》的规定，向你公告送达起诉状副本、应诉通知书、举证通知书及开庭传票。自本公告发出之日起经过六十日即视为送达。提出答辩状的期限和举证的期限分别为公告期满后的十五日和三十日内，逾期将依法判决。

四川省成都市人民法院

本院受理原告诉被告借款合同纠纷一案，因你下落不明，依照《中华人民共和国民事诉讼法》的规定，向你公告送达起诉状副本、应诉通知书、举证通知书及开庭传票。自本公告发出之日起经过六十日即视为送达。提出答辩状的期限和举证的期限分别为公告期满后的十五日和三十日内，逾期将依法判决。

本院受理原告诉被告借款合同纠纷一案，因你下落不明，依照《中华人民共和国民事诉讼法》的规定，向你公告送达起诉状副本、应诉通知书、举证通知书及开庭传票。自本公告发出之日起经过六十日即视为送达。提出答辩状的期限和举证的期限分别为公告期满后的十五日和三十日内，逾期将依法判决。

河北省唐山市中级人民法院

本院受理原告诉被告借款合同纠纷一案，因你下落不明，依照《中华人民共和国民事诉讼法》的规定，向你公告送达起诉状副本、应诉通知书、举证通知书及开庭传票。自本公告发出之日起经过六十日即视为送达。提出答辩状的期限和举证的期限分别为公告期满后的十五日和三十日内，逾期将依法判决。

本院受理原告诉被告借款合同纠纷一案，因你下落不明，依照《中华人民共和国民事诉讼法》的规定，向你公告送达起诉状副本、应诉通知书、举证通知书及开庭传票。自本公告发出之日起经过六十日即视为送达。提出答辩状的期限和举证的期限分别为公告期满后的十五日和三十日内，逾期将依法判决。

江苏省南京市人民法院

本院受理原告诉被告借款合同纠纷一案，因你下落不明，依照《中华人民共和国民事诉讼法》的规定，向你公告送达起诉状副本、应诉通知书、举证通知书及开庭传票。自本公告发出之日起经过六十日即视为送达。提出答辩状的期限和举证的期限分别为公告期满后的十五日和三十日内，逾期将依法判决。

本院受理原告诉被告借款合同纠纷一案，因你下落不明，依照《中华人民共和国民事诉讼法》的规定，向你公告送达起诉状副本、应诉通知书、举证通知书及开庭传票。自本公告发出之日起经过六十日即视为送达。提出答辩状的期限和举证的期限分别为公告期满后的十五日和三十日内，逾期将依法判决。

广东省东莞市人民法院

本院受理原告诉被告借款合同纠纷一案，因你下落不明，依照《中华人民共和国民事诉讼法》的规定，向你公告送达起诉状副本、应诉通知书、举证通知书及开庭传票。自本公告发出之日起经过六十日即视为送达。提出答辩状的期限和举证的期限分别为公告期满后的十五日和三十日内，逾期将依法判决。

本院受理原告诉被告借款合同纠纷一案，因你下落不明，依照《中华人民共和国民事诉讼法》的规定，向你公告送达起诉状副本、应诉通知书、举证通知书及开庭传票。自本公告发出之日起经过六十日即视为送达。提出答辩状的期限和举证的期限分别为公告期满后的十五日和三十日内，逾期将依法判决。

辽宁省大连市中级人民法院

本院受理原告诉被告借款合同纠纷一案，因你下落不明，依照《中华人民共和国民事诉讼法》的规定，向你公告送达起诉状副本、应诉通知书、举证通知书及开庭传票。自本公告发出之日起经过六十日即视为送达。提出答辩状的期限和举证的期限分别为公告期满后的十五日和三十日内，逾期将依法判决。

本院受理原告诉被告借款合同纠纷一案，因你下落不明，依照《中华人民共和国民事诉讼法》的规定，向你公告送达起诉状副本、应诉通知书、举证通知书及开庭传票。自本公告发出之日起经过六十日即视为送达。提出答辩状的期限和举证的期限分别为公告期满后的十五日和三十日内，逾期将依法判决。

安徽省合肥市人民法院

本院受理原告诉被告借款合同纠纷一案，因你下落不明，依照《中华人民共和国民事诉讼法》的规定，向你公告送达起诉状副本、应诉通知书、举证通知书及开庭传票。自本公告发出之日起经过六十日即视为送达。提出答辩状的期限和举证的期限分别为公告期满后的十五日和三十日内，逾期将依法判决。

本院受理原告诉被告借款合同纠纷一案，因你下落不明，依照《中华人民共和国民事诉讼法》的规定，向你公告送达起诉状副本、应诉通知书、举证通知书及开庭传票。自本公告发出之日起经过六十日即视为送达。提出答辩状的期限和举证的期限分别为公告期满后的十五日和三十日内，逾期将依法判决。

浙江省杭州市中级人民法院

本院受理原告诉被告借款合同纠纷一案，因你下落不明，依照《中华人民共和国民事诉讼法》的规定，向你公告送达起诉状副本、应诉通知书、举证通知书及开庭传票。自本公告发出之日起经过六十日即视为送达。提出答辩状的期限和举证的期限分别为公告期满后的十五日和三十日内，逾期将依法判决。

本院受理原告诉被告借款合同纠纷一案，因你下落不明，依照《中华人民共和国民事诉讼法》的规定，向你公告送达起诉状副本、应诉通知书、举证通知书及开庭传票。自本公告发出之日起经过六十日即视为送达。提出答辩状的期限和举证的期限分别为公告期满后的十五日和三十日内，逾期将依法判决。

福建省泉州市人民法院

本院受理原告诉被告借款合同纠纷一案，因你下落不明，依照《中华人民共和国民事诉讼法》的规定，向你公告送达起诉状副本、应诉通知书、举证通知书及开庭传票。自本公告发出之日起经过六十日即视为送达。提出答辩状的期限和举证的期限分别为公告期满后的十五日和三十日内，逾期将依法判决。

本院受理原告诉被告借款合同纠纷一案，因你下落不明，依照《中华人民共和国民事诉讼法》的规定，向你公告送达起诉状副本、应诉通知书、举证通知书及开庭传票。自本公告发出之日起经过六十日即视为送达。提出答辩状的期限和举证的期限分别为公告期满后的十五日和三十日内，逾期将依法判决。

重庆市第一中级人民法院

本院受理原告诉被告借款合同纠纷一案，因你下落不明，依照《中华人民共和国民事诉讼法》的规定，向你公告送达起诉状副本、应诉通知书、举证通知书及开庭传票。自本公告发出之日起经过六十日即视为送达。提出答辩状的期限和举证的期限分别为公告期满后的十五日和三十日内，逾期将依法判决。

本院受理原告诉被告借款合同纠纷一案，因你下落不明，依照《中华人民共和国民事诉讼法》的规定，向你公告送达起诉状副本、应诉通知书、举证通知书及开庭传票。自本公告发出之日起经过六十日即视为送达。提出答辩状的期限和举证的期限分别为公告期满后的十五日和三十日内，逾期将依法判决。

四川省成都市人民法院
仲裁公告

本院受理原告诉被告借款合同纠纷一案，因你下落不明，依照《中华人民共和国民事诉讼法》的规定，向你公告送达起诉状副本、应诉通知书、举证通知书及开庭传票。自本公告发出之日起经过六十日即视为送达。提出答辩状的期限和举证的期限分别为公告期满后的十五日和三十日内，逾期将依法判决。

本院受理原告诉被告借款合同纠纷一案，因你下落不明，依照《中华人民共和国民事诉讼法》的规定，向你公告送达起诉状副本、应诉通知书、举证通知书及开庭传票。自本公告发出之日起经过六十日即视为送达。提出答辩状的期限和举证的期限分别为公告期满后的十五日和三十日内，逾期将依法判决。

公告专栏

本院受理申请执行人申请执行被执行人一案，因被执行人下落不明，现依法向其公告送达执行通知书、财产报告令及限制消费令。自公告之日起经过六十日即视为送达。被执行人应于公告期满后立即履行生效法律文书确定的义务，逾期本院将依法强制执行。

本院受理申请执行人申请执行被执行人一案，因被执行人下落不明，现依法向其公告送达执行通知书、财产报告令及限制消费令。自公告之日起经过六十日即视为送达。被执行人应于公告期满后立即履行生效法律文书确定的义务，逾期本院将依法强制执行。

浙江省温州市中级人民法院

本院受理申请执行人申请执行被执行人一案，因被执行人下落不明，现依法向其公告送达执行通知书、财产报告令及限制消费令。自公告之日起经过六十日即视为送达。被执行人应于公告期满后立即履行生效法律文书确定的义务，逾期本院将依法强制执行。

本院受理申请执行人申请执行被执行人一案，因被执行人下落不明，现依法向其公告送达执行通知书、财产报告令及限制消费令。自公告之日起经过六十日即视为送达。被执行人应于公告期满后立即履行生效法律文书确定的义务，逾期本院将依法强制执行。

江苏省苏州市人民法院

本院受理申请执行人申请执行被执行人一案，因被执行人下落不明，现依法向其公告送达执行通知书、财产报告令及限制消费令。自公告之日起经过六十日即视为送达。被执行人应于公告期满后立即履行生效法律文书确定的义务，逾期本院将依法强制执行。

本院受理申请执行人申请执行被执行人一案，因被执行人下落不明，现依法向其公告送达执行通知书、财产报告令及限制消费令。自公告之日起经过六十日即视为送达。被执行人应于公告期满后立即履行生效法律文书确定的义务，逾期本院将依法强制执行。

四川省绵阳市人民法院

本院受理申请执行人申请执行被执行人一案，因被执行人下落不明，现依法向其公告送达执行通知书、财产报告令及限制消费令。自公告之日起经过六十日即视为送达。被执行人应于公告期满后立即履行生效法律文书确定的义务，逾期本院将依法强制执行。

本院受理申请执行人申请执行被执行人一案，因被执行人下落不明，现依法向其公告送达执行通知书、财产报告令及限制消费令。自公告之日起经过六十日即视为送达。被执行人应于公告期满后立即履行生效法律文书确定的义务，逾期本院将依法强制执行。

广西壮族自治区南宁市人民法院

本院受理申请执行人申请执行被执行人一案，因被执行人下落不明，现依法向其公告送达执行通知书、财产报告令及限制消费令。自公告之日起经过六十日即视为送达。被执行人应于公告期满后立即履行生效法律文书确定的义务，逾期本院将依法强制执行。

本院受理申请执行人申请执行被执行人一案，因被执行人下落不明，现依法向其公告送达执行通知书、财产报告令及限制消费令。自公告之日起经过六十日即视为送达。被执行人应于公告期满后立即履行生效法律文书确定的义务，逾期本院将依法强制执行。

吉林省长春市人民法院

本院受理申请执行人申请执行被执行人一案，因被执行人下落不明，现依法向其公告送达执行通知书、财产报告令及限制消费令。自公告之日起经过六十日即视为送达。被执行人应于公告期满后立即履行生效法律文书确定的义务，逾期本院将依法强制执行。

本院受理申请执行人申请执行被执行人一案，因被执行人下落不明，现依法向其公告送达执行通知书、财产报告令及限制消费令。自公告之日起经过六十日即视为送达。被执行人应于公告期满后立即履行生效法律文书确定的义务，逾期本院将依法强制执行。

黑龙江省哈尔滨市人民法院

本院受理申请执行人申请执行被执行人一案，因被执行人下落不明，现依法向其公告送达执行通知书、财产报告令及限制消费令。自公告之日起经过六十日即视为送达。被执行人应于公告期满后立即履行生效法律文书确定的义务，逾期本院将依法强制执行。

本院受理申请执行人申请执行被执行人一案，因被执行人下落不明，现依法向其公告送达执行通知书、财产报告令及限制消费令。自公告之日起经过六十日即视为送达。被执行人应于公告期满后立即履行生效法律文书确定的义务，逾期本院将依法强制执行。

浙江省温州市中级人民法院

本院受理申请执行人申请执行被执行人一案，因被执行人下落不明，现依法向其公告送达执行通知书、财产报告令及限制消费令。自公告之日起经过六十日即视为送达。被执行人应于公告期满后立即履行生效法律文书确定的义务，逾期本院将依法强制执行。

本院受理申请执行人申请执行被执行人一案，因被执行人下落不明，现依法向其公告送达执行通知书、财产报告令及限制消费令。自公告之日起经过六十日即视为送达。被执行人应于公告期满后立即履行生效法律文书确定的义务，逾期本院将依法强制执行。

江苏省苏州市人民法院

本院受理申请执行人申请执行被执行人一案，因被执行人下落不明，现依法向其公告送达执行通知书、财产报告令及限制消费令。自公告之日起经过六十日即视为送达。被执行人应于公告期满后立即履行生效法律文书确定的义务，逾期本院将依法强制执行。

本院受理申请执行人申请执行被执行人一案，因被执行人下落不明，现依法向其公告送达执行通知书、财产报告令及限制消费令。自公告之日起经过六十日即视为送达。被执行人应于公告期满后立即履行生效法律文书确定的义务，逾期本院将依法强制执行。

四川省绵阳市人民法院

本院受理申请执行人申请执行被执行人一案，因被执行人下落不明，现依法向其公告送达执行通知书、财产报告令及限制消费令。自公告之日起经过六十日即视为送达。被执行人应于公告期满后立即履行生效法律文书确定的义务，逾期本院将依法强制执行。

本院受理申请执行人申请执行被执行人一案，因被执行人下落不明，现依法向其公告送达执行通知书、财产报告令及限制消费令。自公告之日起经过六十日即视为送达。被执行人应于公告期满后立即履行生效法律文书确定的义务，逾期本院将依法强制执行。

广西壮族自治区南宁市人民法院

本院受理申请执行人申请执行被执行人一案，因被执行人下落不明，现依法向其公告送达执行通知书、财产报告令及限制消费令。自公告之日起经过六十日即视为送达。被执行人应于公告期满后立即履行生效法律文书确定的义务，逾期本院将依法强制执行。

本院受理申请执行人申请执行被执行人一案，因被执行人下落不明，现依法向其公告送达执行通知书、财产报告令及限制消费令。自公告之日起经过六十日即视为送达。被执行人应于公告期满后立即履行生效法律文书确定的义务，逾期本院将依法强制执行。

吉林省长春市人民法院

本院受理申请执行人申请执行被执行人一案，因被执行人下落不明，现依法向其公告送达执行通知书、财产报告令及限制消费令。自公告之日起经过六十日即视为送达。被执行人应于公告期满后立即履行生效法律文书确定的义务，逾期本院将依法强制执行。

本院受理申请执行人申请执行被执行人一案，因被执行人下落不明，现依法向其公告送达执行通知书、财产报告令及限制消费令。自公告之日起经过六十日即视为送达。被执行人应于公告期满后立即履行生效法律文书确定的义务，逾期本院将依法强制执行。

黑龙江省哈尔滨市人民法院
仲裁公告

本院受理申请执行人申请执行被执行人一案，因被执行人下落不明，现依法向其公告送达执行通知书、财产报告令及限制消费令。自公告之日起经过六十日即视为送达。被执行人应于公告期满后立即履行生效法律文书确定的义务，逾期本院将依法强制执行。

公告

本院受理申请执行人申请执行被执行人一案，因被执行人下落不明，现依法向其公告送达执行通知书、财产报告令及限制消费令。自公告之日起经过六十日即视为送达。被执行人应于公告期满后立即履行生效法律文书确定的义务，逾期本院将依法强制执行。

本院受理申请执行人申请执行被执行人一案，因被执行人下落不明，现依法向其公告送达执行通知书、财产报告令及限制消费令。自公告之日起经过六十日即视为送达。被执行人应于公告期满后立即履行生效法律文书确定的义务，逾期本院将依法强制执行。

浙江省温州市中级人民法院

本院受理申请执行人申请执行被执行人一案，因被执行人下落不明，现依法向其公告送达执行通知书、财产报告令及限制消费令。自公告之日起经过六十日即视为送达。被执行人应于公告期满后立即履行生效法律文书确定的义务，逾期本院将依法强制执行。

本院受理申请执行人申请执行被执行人一案，因被执行人下落不明，现依法向其公告送达执行通知书、财产报告令及限制消费令。自公告之日起经过六十日即视为送达。被执行人应于公告期满后立即履行生效法律文书确定的义务，逾期本院将依法强制执行。

江苏省苏州市人民法院

本院受理申请执行人申请执行被执行人一案，因被执行人下落不明，现依法向其公告送达执行通知书、财产报告令及限制消费令。自公告之日起经过六十日即视为送达。被执行人应于公告期满后立即履行生效法律文书确定的义务，逾期本院将依法强制执行。

本院受理申请执行人申请执行被执行人一案，因被执行人下落不明，现依法向其公告送达执行通知书、财产报告令及限制消费令。自公告之日起经过六十日即视为送达。被执行人应于公告期满后立即履行生效法律文书确定的义务，逾期本院将依法强制执行。

四川省绵阳市人民法院

本院受理申请执行人申请执行被执行人一案，因被执行人下落不明，现依法向其公告送达执行通知书、财产报告令及限制消费令。自公告之日起经过六十日即视为送达。被执行人应于公告期满后立即履行生效法律文书确定的义务，逾期本院将依法强制执行。

本院受理申请执行人申请执行被执行人一案，因被执行人下落不明，现依法向其公告送达执行通知书、财产报告令及限制消费令。自公告之日起经过六十日即视为送达。被执行人应于公告期满后立即履行生效法律文书确定的义务，逾期本院将依法强制执行。

广西壮族自治区南宁市人民法院

本院受理申请执行人申请执行被执行人一案，因被执行人下落不明，现依法向其公告送达执行通知书、财产报告令及限制消费令。自公告之日起经过六十日即视为送达。被执行人应于公告期满后立即履行生效法律文书确定的义务，逾期本院将依法强制执行。

本院受理申请执行人申请执行被执行人一案，因被执行人下落不明，现依法向其公告送达执行通知书、财产报告令及限制消费令。自公告之日起经过六十日即视为送达。被执行人应于公告期满后立即履行生效法律文书确定的义务，逾期本院将依法强制执行。

吉林省长春市人民法院

本院受理申请执行人申请执行被执行人一案，因被执行人下落不明，现依法向其公告送达执行通知书、财产报告令及限制消费令。自公告之日起经过六十日即视为送达。被执行人应于公告期满后立即履行生效法律文书确定的义务，逾期本院将依法强制执行。

本院受理申请执行人申请执行被执行人一案，因被执行人下落不明，现依法向其公告送达执行通知书、财产报告令及限制消费令。自公告之日起经过六十日即视为送达。被执行人应于公告期满后立即履行生效法律文书确定的义务，逾期本院将依法强制执行。

黑龙江省哈尔滨市人民法院

本院受理申请执行人申请执行被执行人一案，因被执行人下落不明，现依法向其公告送达执行通知书、财产报告令及限制消费令。自公告之日起经过六十日即视为送达。被执行人应于公告期满后立即履行生效法律文书确定的义务，逾期本院将依法强制执行。

本院受理申请执行人申请执行被执行人一案，因被执行人下落不明，现依法向其公告送达执行通知书、财产报告令及限制消费令。自公告之日起经过六十日即视为送达。被执行人应于公告期满后立即履行生效法律文书确定的义务，逾期本院将依法强制执行。

浙江省温州市中级人民法院

本院受理申请执行人申请执行被执行人一案，因被执行人下落不明，现依法向其公告送达执行通知书、财产报告令及限制消费令。自公告之日起经过六十日即视为送达。被执行人应于公告期满后立即履行生效法律文书确定的义务，逾期本院将依法强制执行。

本院受理申请执行人申请执行被执行人一案，因被执行人下落不明，现依法向其公告送达执行通知书、财产报告令及限制消费令。自公告之日起经过六十日即视为送达。被执行人应于公告期满后立即履行生效法律文书确定的义务，逾期本院将依法强制执行。

江苏省苏州市人民法院

本院受理申请执行人申请执行被执行人一案，因被执行人下落不明，现依法向其公告送达执行通知书、财产报告令及限制消费令。自公告之日起经过六十日即视为送达。被执行人应于公告期满后立即履行生效法律文书确定的义务，逾期本院将依法强制执行。

本院受理申请执行人申请执行被执行人一案，因被执行人下落不明，现依法向其公告送达执行通知书、财产报告令及限制消费令。自公告之日起经过六十日即视为送达。被执行人应于公告期满后立即履行生效法律文书确定的义务，逾期本院将依法强制执行。

四川省绵阳市人民法院

本院受理申请执行人申请执行被执行人一案，因被执行人下落不明，现依法向其公告送达执行通知书、财产报告令及限制消费令。自公告之日起经过六十日即视为送达。被执行人应于公告期满后立即履行生效法律文书确定的义务，逾期本院将依法强制执行。

本院受理申请执行人申请执行被执行人一案，因被执行人下落不明，现依法向其公告送达执行通知书、财产报告令及限制消费令。自公告之日起经过六十日即视为送达。被执行人应于公告期满后立即履行生效法律文书确定的义务，逾期本院将依法强制执行。

广西壮族自治区南宁市人民法院

本院受理申请执行人申请执行被执行人一案，因被执行人下落不明，现依法向其公告送达执行通知书、财产报告令及限制消费令。自公告之日起经过六十日即视为送达。被执行人应于公告期满后立即履行生效法律文书确定的义务，逾期本院将依法强制执行。

本院受理申请执行人申请执行被执行人一案，因被执行人下落不明，现依法向其公告送达执行通知书、财产报告令及限制消费令。自公告之日起经过六十日即视为送达。被执行人应于公告期满后立即履行生效法律文书确定的义务，逾期本院将依法强制执行。

吉林省长春市人民法院

本院受理申请执行人申请执行被执行人一案，因被执行人下落不明，现依法向其公告送达执行通知书、财产报告令及限制消费令。自公告之日起经过六十日即视为送达。被执行人应于公告期满后立即履行生效法律文书确定的义务，逾期本院将依法强制执行。

本院受理申请执行人申请执行被执行人一案，因被执行人下落不明，现依法向其公告送达执行通知书、财产报告令及限制消费令。自公告之日起经过六十日即视为送达。被执行人应于公告期满后立即履行生效法律文书确定的义务，逾期本院将依法强制执行。

黑龙江省哈尔滨市人民法院
债权申报公告

本院受理申请执行人申请执行被执行人一案，因被执行人下落不明，现依法向其公告送达执行通知书、财产报告令及限制消费令。自公告之日起经过六十日即视为送达。被执行人应于公告期满后立即履行生效法律文书确定的义务，逾期本院将依法强制执行。

本院受理申请执行人申请执行被执行人一案，因被执行人下落不明，现依法向其公告送达执行通知书、财产报告令及限制消费令。自公告之日起经过六十日即视为送达。被执行人应于公告期满后立即履行生效法律文书确定的义务，逾期本院将依法强制执行。

公告专栏
遗失声明

遗失声明：营业执照正本、副本，统一社会信用代码，声明作废。公章、财务章、法人章遗失，声明作废。开户许可证遗失，核准号，声明作废。减资公告：经股东会决议，公司注册资本减少，请债权人自本公告之日起四十五日内向本公司申报债权。注销公告：经股东决定，公司拟向登记机关申请注销登记，请债权人自本公告之日起四十五日内向清算组申报债权。

遗失声明：营业执照正本、副本，统一社会信用代码，声明作废。公章、财务章、法人章遗失，声明作废。开户许可证遗失，核准号，声明作废。减资公告：经股东会决议，公司注册资本减少，请债权人自本公告之日起四十五日内向本公司申报债权。注销公告：经股东决定，公司拟向登记机关申请注销登记，请债权人自本公告之日起四十五日内向清算组申报债权。

北京市朝阳区

遗失声明：营业执照正本、副本，统一社会信用代码，声明作废。公章、财务章、法人章遗失，声明作废。开户许可证遗失，核准号，声明作废。减资公告：经股东会决议，公司注册资本减少，请债权人自本公告之日起四十五日内向本公司申报债权。注销公告：经股东决定，公司拟向登记机关申请注销登记，请债权人自本公告之日起四十五日内向清算组申报债权。

遗失声明：营业执照正本、副本，统一社会信用代码，声明作废。公章、财务章、法人章遗失，声明作废。开户许可证遗失，核准号，声明作废。减资公告：经股东会决议，公司注册资本减少，请债权人自本公告之日起四十五日内向本公司申报债权。注销公告：经股东决定，公司拟向登记机关申请注销登记，请债权人自本公告之日起四十五日内向清算组申报债权。

北京市海淀区

遗失声明：营业执照正本、副本，统一社会信用代码，声明作废。公章、财务章、法人章遗失，声明作废。开户许可证遗失，核准号，声明作废。减资公告：经股东会决议，公司注册资本减少，请债权人自本公告之日起四十五日内向本公司申报债权。注销公告：经股东决定，公司拟向登记机关申请注销登记，请债权人自本公告之日起四十五日内向清算组申报债权。

遗失声明：营业执照正本、副本，统一社会信用代码，声明作废。公章、财务章、法人章遗失，声明作废。开户许可证遗失，核准号，声明作废。减资公告：经股东会决议，公司注册资本减少，请债权人自本公告之日起四十五日内向本公司申报债权。注销公告：经股东决定，公司拟向登记机关申请注销登记，请债权人自本公告之日起四十五日内向清算组申报债权。

天津市滨海新区

遗失声明：营业执照正本、副本，统一社会信用代码，声明作废。公章、财务章、法人章遗失，声明作废。开户许可证遗失，核准号，声明作废。减资公告：经股东会决议，公司注册资本减少，请债权人自本公告之日起四十五日内向本公司申报债权。注销公告：经股东决定，公司拟向登记机关申请注销登记，请债权人自本公告之日起四十五日内向清算组申报债权。

遗失声明：营业执照正本、副本，统一社会信用代码，声明作废。公章、财务章、法人章遗失，声明作废。开户许可证遗失，核准号，声明作废。减资公告：经股东会决议，公司注册资本减少，请债权人自本公告之日起四十五日内向本公司申报债权。注销公告：经股东决定，公司拟向登记机关申请注销登记，请债权人自本公告之日起四十五日内向清算组申报债权。

上海市浦东新区

遗失声明：营业执照正本、副本，统一社会信用代码，声明作废。公章、财务章、法人章遗失，声明作废。开户许可证遗失，核准号，声明作废。减资公告：经股东会决议，公司注册资本减少，请债权人自本公告之日起四十五日内向本公司申报债权。注销公告：经股东决定，公司拟向登记机关申请注销登记，请债权人自本公告之日起四十五日内向清算组申报债权。

遗失声明：营业执照正本、副本，统一社会信用代码，声明作废。公章、财务章、法人章遗失，声明作废。开户许可证遗失，核准号，声明作废。减资公告：经股东会决议，公司注册资本减少，请债权人自本公告之日起四十五日内向本公司申报债权。注销公告：经股东决定，公司拟向登记机关申请注销登记，请债权人自本公告之日起四十五日内向清算组申报债权。

河北省石家庄市

遗失声明：营业执照正本、副本，统一社会信用代码，声明作废。公章、财务章、法人章遗失，声明作废。开户许可证遗失，核准号，声明作废。减资公告：经股东会决议，公司注册资本减少，请债权人自本公告之日起四十五日内向本公司申报债权。注销公告：经股东决定，公司拟向登记机关申请注销登记，请债权人自本公告之日起四十五日内向清算组申报债权。

遗失声明：营业执照正本、副本，统一社会信用代码，声明作废。公章、财务章、法人章遗失，声明作废。开户许可证遗失，核准号，声明作废。减资公告：经股东会决议，公司注册资本减少，请债权人自本公告之日起四十五日内向本公司申报债权。注销公告：经股东决定，公司拟向登记机关申请注销登记，请债权人自本公告之日起四十五日内向清算组申报债权。

北京市朝阳区

遗失声明：营业执照正本、副本，统一社会信用代码，声明作废。公章、财务章、法人章遗失，声明作废。开户许可证遗失，核准号，声明作废。减资公告：经股东会决议，公司注册资本减少，请债权人自本公告之日起四十五日内向本公司申报债权。注销公告：经股东决定，公司拟向登记机关申请注销登记，请债权人自本公告之日起四十五日内向清算组申报债权。

遗失声明：营业执照正本、副本，统一社会信用代码，声明作废。公章、财务章、法人章遗失，声明作废。开户许可证遗失，核准号，声明作废。减资公告：经股东会决议，公司注册资本减少，请债权人自本公告之日起四十五日内向本公司申报债权。注销公告：经股东决定，公司拟向登记机关申请注销登记，请债权人自本公告之日起四十五日内向清算组申报债权。

北京市海淀区

遗失声明：营业执照正本、副本，统一社会信用代码，声明作废。公章、财务章、法人章遗失，声明作废。开户许可证遗失，核准号，声明作废。减资公告：经股东会决议，公司注册资本减少，请债权人自本公告之日起四十五日内向本公司申报债权。注销公告：经股东决定，公司拟向登记机关申请注销登记，请债权人自本公告之日起四十五日内向清算组申报债权。

遗失声明：营业执照正本、副本，统一社会信用代码，声明作废。公章、财务章、法人章遗失，声明作废。开户许可证遗失，核准号，声明作废。减资公告：经股东会决议，公司注册资本减少，请债权人自本公告之日起四十五日内向本公司申报债权。注销公告：经股东决定，公司拟向登记机关申请注销登记，请债权人自本公告之日起四十五日内向清算组申报债权。

天津市滨海新区

遗失声明：营业执照正本、副本，统一社会信用代码，声明作废。公章、财务章、法人章遗失，声明作废。开户许可证遗失，核准号，声明作废。减资公告：经股东会决议，公司注册资本减少，请债权人自本公告之日起四十五日内向本公司申报债权。注销公告：经股东决定，公司拟向登记机关申请注销登记，请债权人自本公告之日起四十五日内向清算组申报债权。

遗失声明：营业执照正本、副本，统一社会信用代码，声明作废。公章、财务章、法人章遗失，声明作废。开户许可证遗失，核准号，声明作废。减资公告：经股东会决议，公司注册资本减少，请债权人自本公告之日起四十五日内向本公司申报债权。注销公告：经股东决定，公司拟向登记机关申请注销登记，请债权人自本公告之日起四十五日内向清算组申报债权。

上海市浦东新区

遗失声明：营业执照正本、副本，统一社会信用代码，声明作废。公章、财务章、法人章遗失，声明作废。开户许可证遗失，核准号，声明作废。减资公告：经股东会决议，公司注册资本减少，请债权人自本公告之日起四十五日内向本公司申报债权。注销公告：经股东决定，公司拟向登记机关申请注销登记，请债权人自本公告之日起四十五日内向清算组申报债权。

遗失声明：营业执照正本、副本，统一社会信用代码，声明作废。公章、财务章、法人章遗失，声明作废。开户许可证遗失，核准号，声明作废。减资公告：经股东会决议，公司注册资本减少，请债权人自本公告之日起四十五日内向本公司申报债权。注销公告：经股东决定，公司拟向登记机关申请注销登记，请债权人自本公告之日起四十五日内向清算组申报债权。

河北省石家庄市

遗失声明：营业执照正本、副本，统一社会信用代码，声明作废。公章、财务章、法人章遗失，声明作废。开户许可证遗失，核准号，声明作废。减资公告：经股东会决议，公司注册资本减少，请债权人自本公告之日起四十五日内向本公司申报债权。注销公告：经股东决定，公司拟向登记机关申请注销登记，请债权人自本公告之日起四十五日内向清算组申报债权。

遗失声明：营业执照正本、副本，统一社会信用代码，声明作废。公章、财务章、法人章遗失，声明作废。开户许可证遗失，核准号，声明作废。减资公告：经股东会决议，公司注册资本减少，请债权人自本公告之日起四十五日内向本公司申报债权。注销公告：经股东决定，公司拟向登记机关申请注销登记，请债权人自本公告之日起四十五日内向清算组申报债权。

北京市朝阳区

遗失声明：营业执照正本、副本，统一社会信用代码，声明作废。公章、财务章、法人章遗失，声明作废。开户许可证遗失，核准号，声明作废。减资公告：经股东会决议，公司注册资本减少，请债权人自本公告之日起四十五日内向本公司申报债权。注销公告：经股东决定，公司拟向登记机关申请注销登记，请债权人自本公告之日起四十五日内向清算组申报债权。

遗失声明：营业执照正本、副本，统一社会信用代码，声明作废。公章、财务章、法人章遗失，声明作废。开户许可证遗失，核准号，声明作废。减资公告：经股东会决议，公司注册资本减少，请债权人自本公告之日起四十五日内向本公司申报债权。注销公告：经股东决定，公司拟向登记机关申请注销登记，请债权人自本公告之日起四十五日内向清算组申报债权。

北京市海淀区

遗失声明：营业执照正本、副本，统一社会信用代码，声明作废。公章、财务章、法人章遗失，声明作废。开户许可证遗失，核准号，声明作废。减资公告：经股东会决议，公司注册资本减少，请债权人自本公告之日起四十五日内向本公司申报债权。注销公告：经股东决定，公司拟向登记机关申请注销登记，请债权人自本公告之日起四十五日内向清算组申报债权。

遗失声明：营业执照正本、副本，统一社会信用代码，声明作废。公章、财务章、法人章遗失，声明作废。开户许可证遗失，核准号，声明作废。减资公告：经股东会决议，公司注册资本减少，请债权人自本公告之日起四十五日内向本公司申报债权。注销公告：经股东决定，公司拟向登记机关申请注销登记，请债权人自本公告之日起四十五日内向清算组申报债权。

天津市滨海新区

遗失声明：营业执照正本、副本，统一社会信用代码，声明作废。公章、财务章、法人章遗失，声明作废。开户许可证遗失，核准号，声明作废。减资公告：经股东会决议，公司注册资本减少，请债权人自本公告之日起四十五日内向本公司申报债权。注销公告：经股东决定，公司拟向登记机关申请注销登记，请债权人自本公告之日起四十五日内向清算组申报债权。

遗失声明：营业执照正本、副本，统一社会信用代码，声明作废。公章、财务章、法人章遗失，声明作废。开户许可证遗失，核准号，声明作废。减资公告：经股东会决议，公司注册资本减少，请债权人自本公告之日起四十五日内向本公司申报债权。注销公告：经股东决定，公司拟向登记机关申请注销登记，请债权人自本公告之日起四十五日内向清算组申报债权。

上海市浦东新区

遗失声明：营业执照正本、副本，统一社会信用代码，声明作废。公章、财务章、法人章遗失，声明作废。开户许可证遗失，核准号，声明作废。减资公告：经股东会决议，公司注册资本减少，请债权人自本公告之日起四十五日内向本公司申报债权。注销公告：经股东决定，公司拟向登记机关申请注销登记，请债权人自本公告之日起四十五日内向清算组申报债权。

遗失声明：营业执照正本、副本，统一社会信用代码，声明作废。公章、财务章、法人章遗失，声明作废。开户许可证遗失，核准号，声明作废。减资公告：经股东会决议，公司注册资本减少，请债权人自本公告之日起四十五日内向本公司申报债权。注销公告：经股东决定，公司拟向登记机关申请注销登记，请债权人自本公告之日起四十五日内向清算组申报债权。

河北省石家庄市

遗失声明：营业执照正本、副本，统一社会信用代码，声明作废。公章、财务章、法人章遗失，声明作废。开户许可证遗失，核准号，声明作废。减资公告：经股东会决议，公司注册资本减少，请债权人自本公告之日起四十五日内向本公司申报债权。注销公告：经股东决定，公司拟向登记机关申请注销登记，请债权人自本公告之日起四十五日内向清算组申报债权。

遗失声明：营业执照正本、副本，统一社会信用代码，声明作废。公章、财务章、法人章遗失，声明作废。开户许可证遗失，核准号，声明作废。减资公告：经股东会决议，公司注册资本减少，请债权人自本公告之日起四十五日内向本公司申报债权。注销公告：经股东决定，公司拟向登记机关申请注销登记，请债权人自本公告之日起四十五日内向清算组申报债权。

北京市朝阳区

遗失声明：营业执照正本、副本，统一社会信用代码，声明作废。公章、财务章、法人章遗失，声明作废。开户许可证遗失，核准号，声明作废。减资公告：经股东会决议，公司注册资本减少，请债权人自本公告之日起四十五日内向本公司申报债权。注销公告：经股东决定，公司拟向登记机关申请注销登记，请债权人自本公告之日起四十五日内向清算组申报债权。

遗失声明：营业执照正本、副本，统一社会信用代码，声明作废。公章、财务章、法人章遗失，声明作废。开户许可证遗失，核准号，声明作废。减资公告：经股东会决议，公司注册资本减少，请债权人自本公告之日起四十五日内向本公司申报债权。注销公告：经股东决定，公司拟向登记机关申请注销登记，请债权人自本公告之日起四十五日内向清算组申报债权。

北京市海淀区

遗失声明：营业执照正本、副本，统一社会信用代码，声明作废。公章、财务章、法人章遗失，声明作废。开户许可证遗失，核准号，声明作废。减资公告：经股东会决议，公司注册资本减少，请债权人自本公告之日起四十五日内向本公司申报债权。注销公告：经股东决定，公司拟向登记机关申请注销登记，请债权人自本公告之日起四十五日内向清算组申报债权。

遗失声明：营业执照正本、副本，统一社会信用代码，声明作废。公章、财务章、法人章遗失，声明作废。开户许可证遗失，核准号，声明作废。减资公告：经股东会决议，公司注册资本减少，请债权人自本公告之日起四十五日内向本公司申报债权。注销公告：经股东决定，公司拟向登记机关申请注销登记，请债权人自本公告之日起四十五日内向清算组申报债权。

天津市滨海新区

遗失声明：营业执照正本、副本，统一社会信用代码，声明作废。公章、财务章、法人章遗失，声明作废。开户许可证遗失，核准号，声明作废。减资公告：经股东会决议，公司注册资本减少，请债权人自本公告之日起四十五日内向本公司申报债权。注销公告：经股东决定，公司拟向登记机关申请注销登记，请债权人自本公告之日起四十五日内向清算组申报债权。

遗失声明：营业执照正本、副本，统一社会信用代码，声明作废。公章、财务章、法人章遗失，声明作废。开户许可证遗失，核准号，声明作废。减资公告：经股东会决议，公司注册资本减少，请债权人自本公告之日起四十五日内向本公司申报债权。注销公告：经股东决定，公司拟向登记机关申请注销登记，请债权人自本公告之日起四十五日内向清算组申报债权。

上海市浦东新区

遗失声明：营业执照正本、副本，统一社会信用代码，声明作废。公章、财务章、法人章遗失，声明作废。开户许可证遗失，核准号，声明作废。减资公告：经股东会决议，公司注册资本减少，请债权人自本公告之日起四十五日内向本公司申报债权。注销公告：经股东决定，公司拟向登记机关申请注销登记，请债权人自本公告之日起四十五日内向清算组申报债权。

遗失声明：营业执照正本、副本，统一社会信用代码，声明作废。公章、财务章、法人章遗失，声明作废。开户许可证遗失，核准号，声明作废。减资公告：经股东会决议，公司注册资本减少，请债权人自本公告之日起四十五日内向本公司申报债权。注销公告：经股东决定，公司拟向登记机关申请注销登记，请债权人自本公告之日起四十五日内向清算组申报债权。

河北省石家庄市
股权转让公告

遗失声明：营业执照正本、副本，统一社会信用代码，声明作废。公章、财务章、法人章遗失，声明作废。开户许可证遗失，核准号，声明作废。减资公告：经股东会决议，公司注册资本减少，请债权人自本公告之日起四十五日内向本公司申报债权。注销公告：经股东决定，公司拟向登记机关申请注销登记，请债权人自本公告之日起四十五日内向清算组申报债权。

遗失声明：营业执照正本、副本，统一社会信用代码，声明作废。公章、财务章、法人章遗失，声明作废。开户许可证遗失，核准号，声明作废。减资公告：经股东会决议，公司注册资本减少，请债权人自本公告之日起四十五日内向本公司申报债权。注销公告：经股东决定，公司拟向登记机关申请注销登记，请债权人自本公告之日起四十五日内向清算组申报债权。
